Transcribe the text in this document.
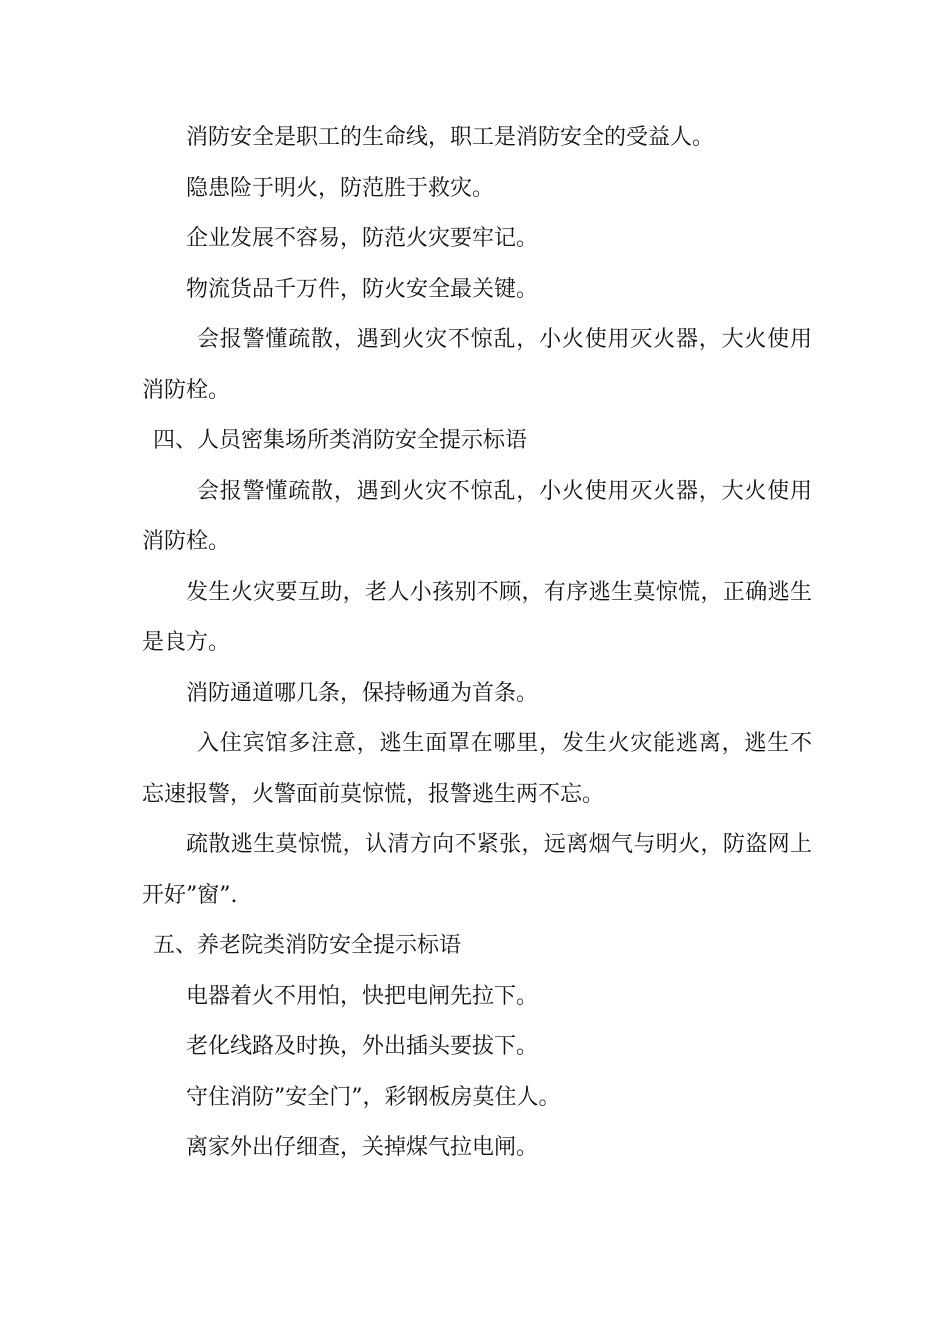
消防安全是职工的生命线，职工是消防安全的受益人。

隐患险于明火，防范胜于救灾。

企业发展不容易，防范火灾要牢记。

物流货品千万件，防火安全最关键。

会报警懂疏散，遇到火灾不惊乱，小火使用灭火器，大火使用消防栓。

四、人员密集场所类消防安全提示标语

会报警懂疏散，遇到火灾不惊乱，小火使用灭火器，大火使用消防栓。

发生火灾要互助，老人小孩别不顾，有序逃生莫惊慌，正确逃生是良方。

消防通道哪几条，保持畅通为首条。

入住宾馆多注意，逃生面罩在哪里，发生火灾能逃离，逃生不忘速报警，火警面前莫惊慌，报警逃生两不忘。

疏散逃生莫惊慌，认清方向不紧张，远离烟气与明火，防盗网上开好”窗”.

五、养老院类消防安全提示标语

电器着火不用怕，快把电闸先拉下。

老化线路及时换，外出插头要拔下。

守住消防”安全门”，彩钢板房莫住人。

离家外出仔细查，关掉煤气拉电闸。
